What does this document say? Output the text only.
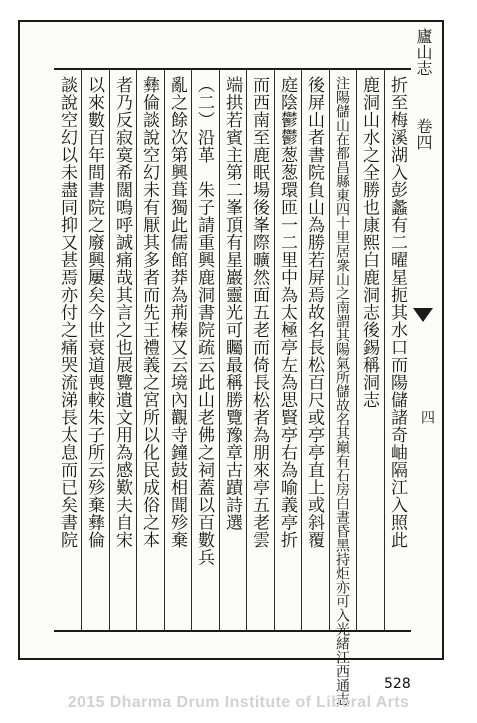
折至梅溪湖入彭蠡有二曜星扼其水口而陽儲諸奇岫隔江入照此
鹿洞山水之全勝也康熙白鹿洞志後錫稱洞志
注陽儲山在都昌縣東四十里居衆山之南謂其陽氣所儲故名其巔有石房白晝昏黑持炬亦可入光緒江西通志
後屏山者書院負山為勝若屏焉故名長松百尺或亭亭直上或斜覆
庭陰鬱鬱葱葱環匝一二里中為太極亭左為思賢亭右為喻義亭折
而西南至鹿眠場後峯際曠然面五老而倚長松者為朋來亭五老雲
端拱若賓主第二峯頂有星巖靈光可矚最稱勝覽豫章古蹟詩選
（二）沿革　朱子請重興鹿洞書院疏云此山老佛之祠蓋以百數兵
亂之餘次第興葺獨此儒館莽為荊榛又云境內觀寺鐘鼓相聞殄棄
彝倫談說空幻未有厭其多者而先王禮義之宮所以化民成俗之本
者乃反寂寞希闊鳴呼誠痛哉其言之也展覽遺文用為感歎夫自宋
以來數百年間書院之廢興屢矣今世衰道喪較朱子所云殄棄彝倫
談說空幻以未盡同抑又甚焉亦付之痛哭流涕長太息而已矣書院
廬山志
卷四
四
528
2015 Dharma Drum Institute of Liberal Arts
